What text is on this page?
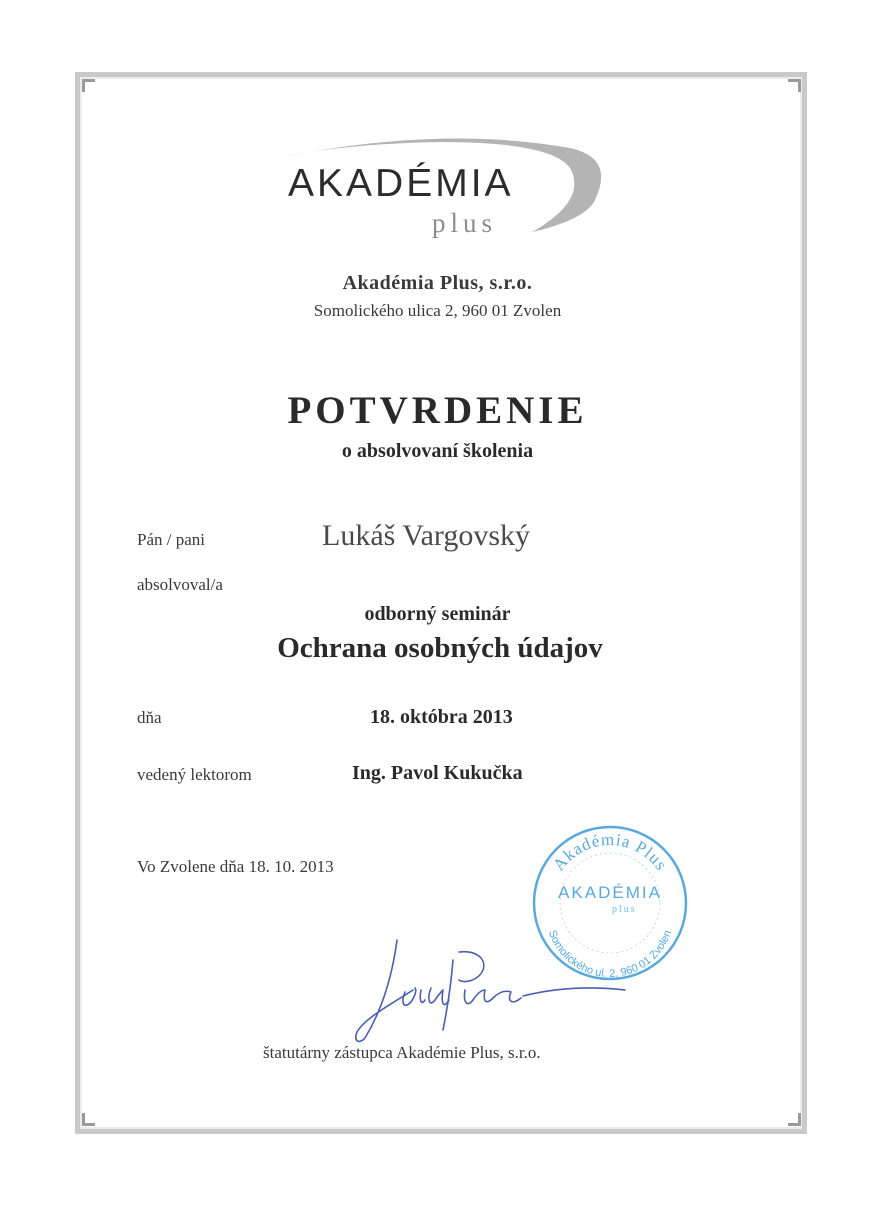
AKADÉMIA
plus

Akadémia Plus, s.r.o.

Somolického ulica 2, 960 01 Zvolen

POTVRDENIE

o absolvovaní školenia

Pán / pani	Lukáš Vargovský
absolvoval/a

odborný seminár

Ochrana osobných údajov

dňa	18. októbra 2013
vedený lektorom	Ing. Pavol Kukučka
Vo Zvolene dňa 18. 10. 2013	Akadémia Plus
Somolického ul. 2, 960 01 Zvolen
AKADÉMIA
plus
štatutárny zástupca Akadémie Plus, s.r.o.
